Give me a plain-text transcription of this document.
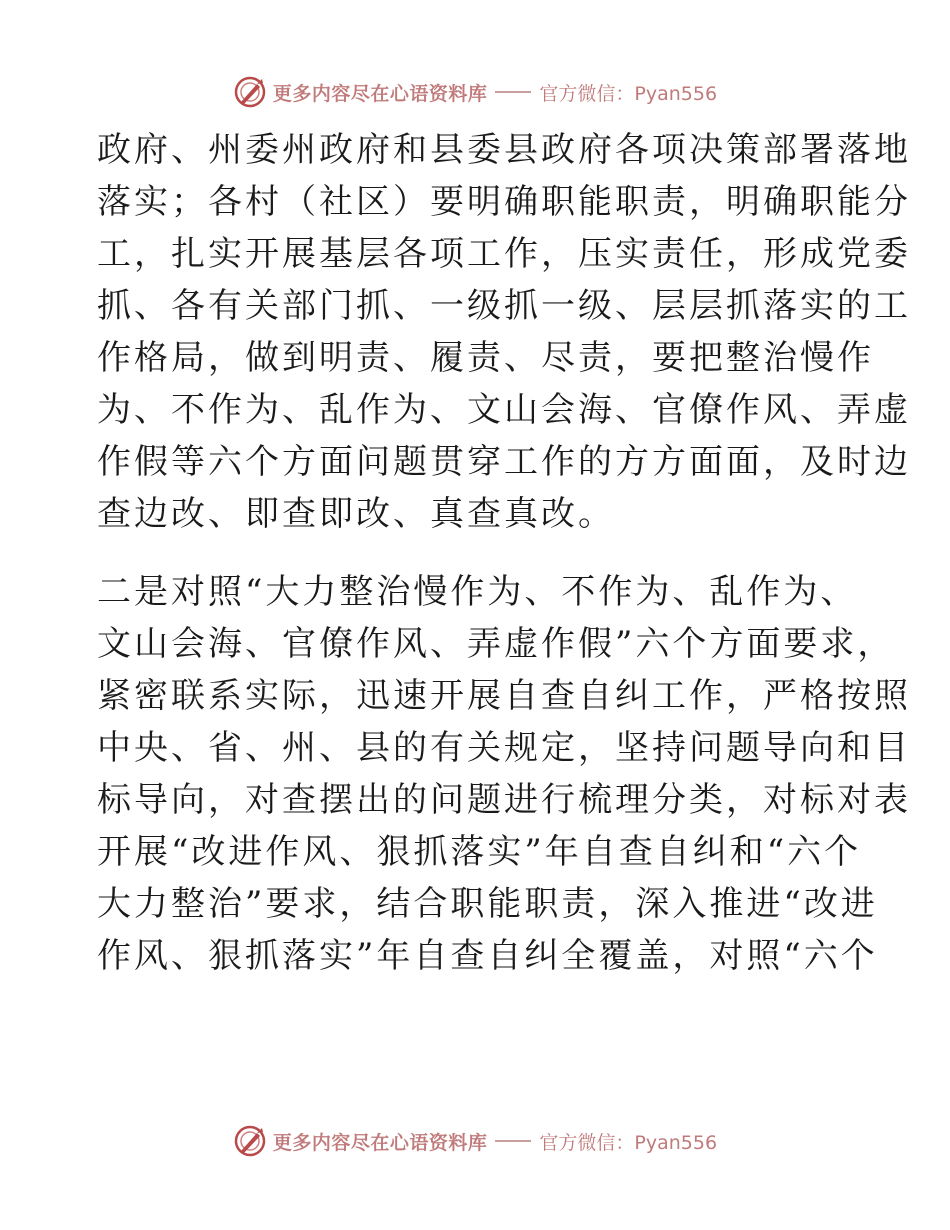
更多内容尽在心语资料库	官方微信：Pyan556
政府、州委州政府和县委县政府各项决策部署落地
落实；各村（社区）要明确职能职责，明确职能分
工，扎实开展基层各项工作，压实责任，形成党委
抓、各有关部门抓、一级抓一级、层层抓落实的工
作格局，做到明责、履责、尽责，要把整治慢作
为、不作为、乱作为、文山会海、官僚作风、弄虚
作假等六个方面问题贯穿工作的方方面面，及时边
查边改、即查即改、真查真改。
二是对照“大力整治慢作为、不作为、乱作为、
文山会海、官僚作风、弄虚作假”六个方面要求，
紧密联系实际，迅速开展自查自纠工作，严格按照
中央、省、州、县的有关规定，坚持问题导向和目
标导向，对查摆出的问题进行梳理分类，对标对表
开展“改进作风、狠抓落实”年自查自纠和“六个
大力整治”要求，结合职能职责，深入推进“改进
作风、狠抓落实”年自查自纠全覆盖，对照“六个
更多内容尽在心语资料库	官方微信：Pyan556
